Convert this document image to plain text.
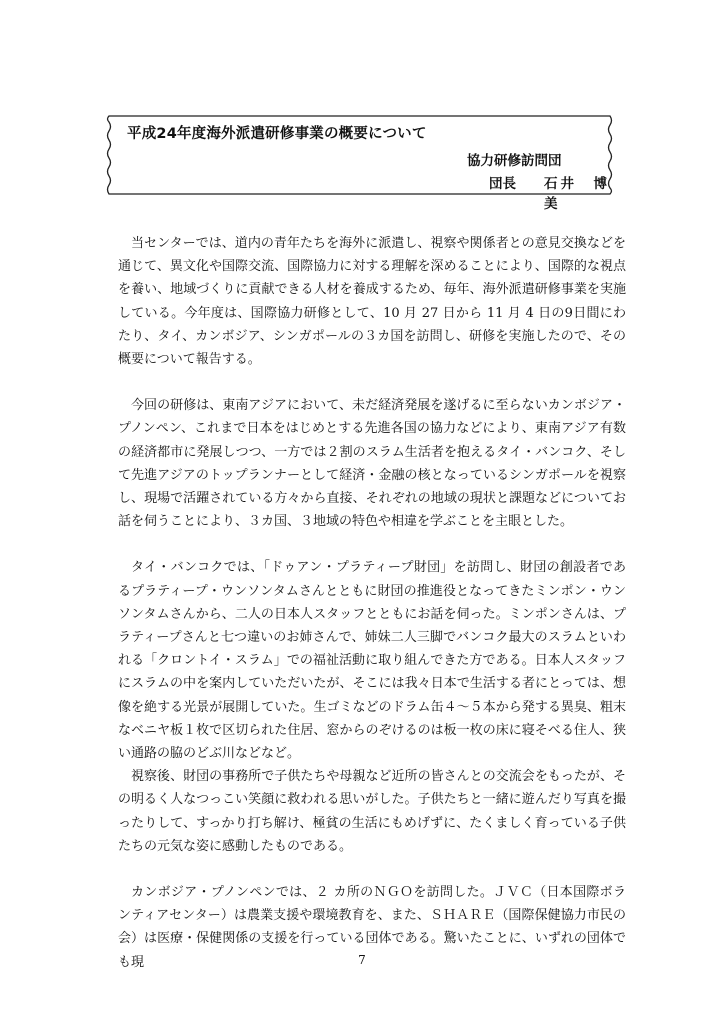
平成24年度海外派遣研修事業の概要について
協力研修訪問団
団長 石井　博美

当センターでは、道内の青年たちを海外に派遣し、視察や関係者との意見交換などを通じて、異文化や国際交流、国際協力に対する理解を深めることにより、国際的な視点を養い、地域づくりに貢献できる人材を養成するため、毎年、海外派遣研修事業を実施している。今年度は、国際協力研修として、10 月 27 日から 11 月 4 日の9日間にわたり、タイ、カンボジア、シンガポールの３カ国を訪問し、研修を実施したので、その概要について報告する。

今回の研修は、東南アジアにおいて、未だ経済発展を遂げるに至らないカンボジア・プノンペン、これまで日本をはじめとする先進各国の協力などにより、東南アジア有数の経済都市に発展しつつ、一方では２割のスラム生活者を抱えるタイ・バンコク、そして先進アジアのトップランナーとして経済・金融の核となっているシンガポールを視察し、現場で活躍されている方々から直接、それぞれの地域の現状と課題などについてお話を伺うことにより、３カ国、３地域の特色や相違を学ぶことを主眼とした。

タイ・バンコクでは、「ドゥアン・プラティープ財団」を訪問し、財団の創設者であるプラティープ・ウンソンタムさんとともに財団の推進役となってきたミンポン・ウンソンタムさんから、二人の日本人スタッフとともにお話を伺った。ミンポンさんは、プラティープさんと七つ違いのお姉さんで、姉妹二人三脚でバンコク最大のスラムといわれる「クロントイ・スラム」での福祉活動に取り組んできた方である。日本人スタッフにスラムの中を案内していただいたが、そこには我々日本で生活する者にとっては、想像を絶する光景が展開していた。生ゴミなどのドラム缶４～５本から発する異臭、粗末なベニヤ板１枚で区切られた住居、窓からのぞけるのは板一枚の床に寝そべる住人、狭い通路の脇のどぶ川などなど。

視察後、財団の事務所で子供たちや母親など近所の皆さんとの交流会をもったが、その明るく人なつっこい笑顔に救われる思いがした。子供たちと一緒に遊んだり写真を撮ったりして、すっかり打ち解け、極貧の生活にもめげずに、たくましく育っている子供たちの元気な姿に感動したものである。

カンボジア・プノンペンでは、２ カ所のＮＧＯを訪問した。ＪＶＣ（日本国際ボランティアセンター）は農業支援や環境教育を、また、ＳＨＡＲＥ（国際保健協力市民の会）は医療・保健関係の支援を行っている団体である。驚いたことに、いずれの団体でも現	7
